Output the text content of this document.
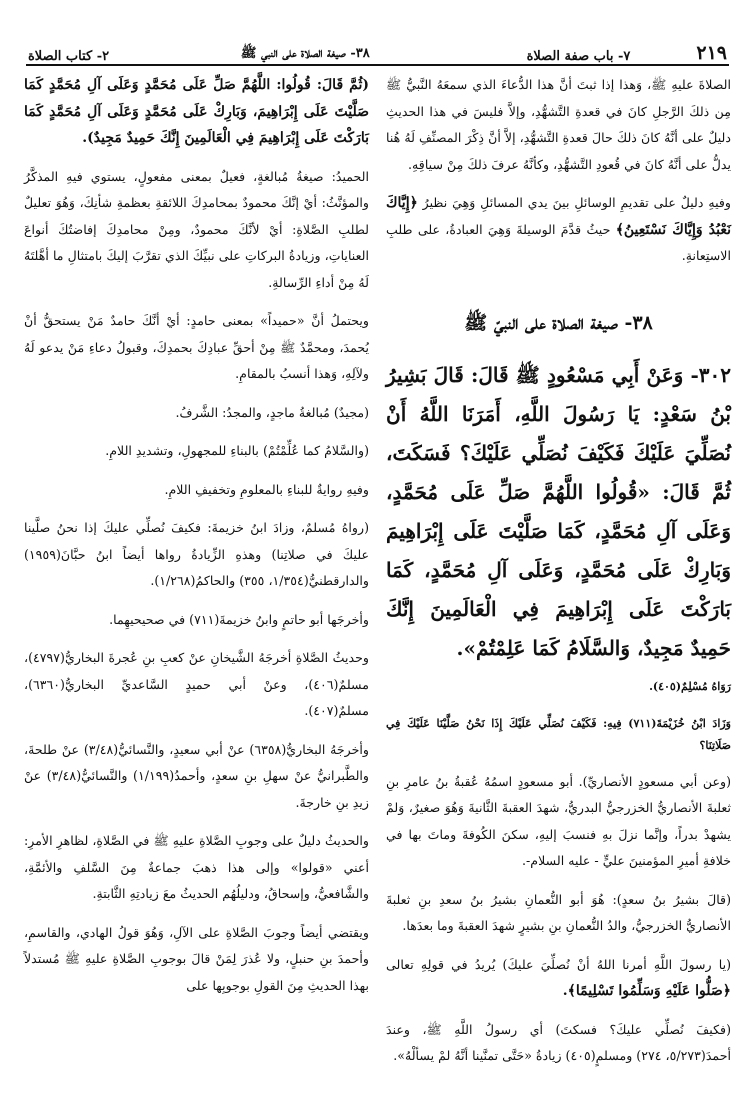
٢١٩
٧- باب صفة الصلاة
٣٨- صيغة الصلاة على النبي ﷺ
٢- كتاب الصلاة

الصلاةَ عليهِ ﷺ، وَهذا إذا ثبتَ أنَّ هذا الدُّعاءَ الذي سمعَهُ النَّبيُّ ﷺ مِن ذلكَ الرَّجلِ كانَ في قعدةِ التَّشهُّدِ، وإلاَّ فليسَ في هذا الحديثِ دليلٌ على أنَّهُ كانَ ذلكَ حالَ قعدةِ التَّشهُّدِ، إلاَّ أنَّ ذِكْرَ المصنِّفِ لَهُ هُنا يدلُّ على أنَّهُ كانَ في قُعودِ التَّشهُّدِ، وكأنَّهُ عرفَ ذلكَ مِنْ سياقِهِ.

وفيهِ دليلٌ على تقديمِ الوسائلِ بينَ يدي المسائلِ وَهِيَ نظيرُ ﴿إِيَّاكَ نَعْبُدُ وَإِيَّاكَ نَسْتَعِينُ﴾ حيثُ قدَّمَ الوسيلةَ وَهِيَ العبادةُ، على طلبِ الاستِعانةِ.

٣٨- صيغة الصلاة على النبيّ ﷺ
٣٠٢- وَعَنْ أَبِي مَسْعُودٍ ﷺ قَالَ: قَالَ بَشِيرُ بْنُ سَعْدٍ: يَا رَسُولَ اللَّهِ، أَمَرَنَا اللَّهُ أَنْ نُصَلِّيَ عَلَيْكَ فَكَيْفَ نُصَلِّي عَلَيْكَ؟ فَسَكَتَ، ثُمَّ قَالَ: «قُولُوا اللَّهُمَّ صَلِّ عَلَى مُحَمَّدٍ، وَعَلَى آلِ مُحَمَّدٍ، كَمَا صَلَّيْتَ عَلَى إِبْرَاهِيمَ وَبَارِكْ عَلَى مُحَمَّدٍ، وَعَلَى آلِ مُحَمَّدٍ، كَمَا بَارَكْتَ عَلَى إِبْرَاهِيمَ فِي الْعَالَمِينَ إِنَّكَ حَمِيدٌ مَجِيدٌ، وَالسَّلَامُ كَمَا عَلِمْتُمْ».

رَوَاهُ مُسْلِمٌ(٤٠٥).

وَزَادَ ابْنُ خُزَيْمَةَ(٧١١) فِيهِ: فَكَيْفَ نُصَلِّي عَلَيْكَ إِذَا نَحْنُ صَلَّيْنَا عَلَيْكَ فِي صَلَاتِنَا؟

(وعن أبي مسعودٍ الأنصاريِّ). أبو مسعودٍ اسمُهُ عُقبةُ بنُ عامرِ بنِ ثعلبةَ الأنصاريُّ الخزرجيُّ البدريُّ، شهدَ العقبةَ الثَّانيةَ وَهُوَ صغيرٌ، وَلمْ يشهدْ بدراً، وإنَّما نزلَ بهِ فنسبَ إليهِ، سكنَ الكُوفةَ وماتَ بها في خلافةِ أميرِ المؤمنينَ عليٍّ - عليه السلام-.

(قالَ بشيرُ بنُ سعدٍ): هُوَ أبو النُّعمانِ بشيرُ بنُ سعدِ بنِ ثعلبةَ الأنصاريُّ الخزرجيُّ، والدُ النُّعمانِ بنِ بشيرٍ شهدَ العقبةَ وما بعدَها.

(يا رسولَ اللَّهِ أمرنا اللهُ أنْ نُصلِّيَ عليكَ) يُريدُ في قولِهِ تعالى ﴿صَلُّوا عَلَيْهِ وَسَلِّمُوا تَسْلِيمًا﴾.

(فكيفَ نُصلِّي عليكَ؟ فسكتَ) أي رسولُ اللَّهِ ﷺ، وعندَ أحمدَ(٥/٢٧٣، ٢٧٤) ومسلمٍ(٤٠٥) زيادةُ «حَتَّى تمنَّينا أنَّهُ لمْ يسألْهُ».

(ثُمَّ قَالَ: قُولُوا: اللَّهُمَّ صَلِّ عَلَى مُحَمَّدٍ وَعَلَى آلِ مُحَمَّدٍ كَمَا صَلَّيْتَ عَلَى إِبْرَاهِيمَ، وَبَارِكْ عَلَى مُحَمَّدٍ وَعَلَى آلِ مُحَمَّدٍ كَمَا بَارَكْتَ عَلَى إِبْرَاهِيمَ فِي الْعَالَمِينَ إِنَّكَ حَمِيدٌ مَجِيدٌ).

الحميدُ: صيغةُ مُبالغةٍ، فعيلٌ بمعنى مفعولٍ، يستوي فيهِ المذكَّرُ والمؤنَّثُ: أيْ إنَّكَ محمودٌ بمحامدِكَ اللائقةِ بعظمةِ شأنِكَ، وَهُوَ تعليلٌ لطلبِ الصَّلاةِ: أيْ لأنَّكَ محمودٌ، ومِنْ محامدِكَ إفاضتُكَ أنواعَ العناياتِ، وزيادةُ البركاتِ على نبيِّكَ الذي تقرَّبَ إليكَ بامتثالِ ما أهَّلتَهُ لَهُ مِنْ أداءِ الرِّسالةِ.

ويحتملُ أنَّ «حميداً» بمعنى حامدٍ: أيْ أنَّكَ حامدٌ مَنْ يستحقُّ أنْ يُحمدَ، ومحمَّدٌ ﷺ مِنْ أحقِّ عبادِكَ بحمدِكَ، وقبولُ دعاءِ مَنْ يدعو لَهُ ولآلِهِ، وَهذا أنسبُ بالمقامِ.

(مجيدٌ) مُبالغةُ ماجدٍ، والمجدُ: الشَّرفُ.

(والسَّلامُ كما عُلِّمْتُمْ) بالبناءِ للمجهولِ، وتشديدِ اللامِ.

وفيهِ روايةٌ للبناءِ بالمعلومِ وتخفيفِ اللامِ.

(رواهُ مُسلمٌ، وزادَ ابنُ خزيمةَ: فكيفَ نُصلِّي عليكَ إذا نحنُ صلَّينا عليكَ في صلاتِنا) وهذهِ الزِّيادةُ رواها أيضاً ابنُ حبَّانَ(١٩٥٩) والدارقطنيُّ(١/٣٥٤، ٣٥٥) والحاكمُ(١/٢٦٨).

وأخرجَها أبو حاتمٍ وابنُ خزيمةَ(٧١١) في صحيحيهِما.

وحديثُ الصَّلاةِ أخرجَهُ الشَّيخانِ عنْ كعبِ بنِ عُجرةَ البخاريُّ(٤٧٩٧)، مسلمٌ(٤٠٦)، وعنْ أبي حميدٍ السَّاعديِّ البخاريُّ(٦٣٦٠)، مسلمٌ(٤٠٧).

وأخرجَهُ البخاريُّ(٦٣٥٨) عنْ أبي سعيدٍ، والنَّسائيُّ(٣/٤٨) عنْ طلحةَ، والطَّبرانيُّ عنْ سهلِ بنِ سعدٍ، وأحمدُ(١/١٩٩) والنَّسائيُّ(٣/٤٨) عنْ زيدِ بنِ خارجةَ.

والحديثُ دليلٌ على وجوبِ الصَّلاةِ عليهِ ﷺ في الصَّلاةِ، لظاهرِ الأمرِ: أعني «قولوا» وإلى هذا ذهبَ جماعةٌ مِنَ السَّلفِ والأئمَّةِ، والشَّافعيُّ، وإسحاقُ، ودليلُهُم الحديثُ معَ زيادتِهِ الثَّابتةِ.

ويقتضي أيضاً وجوبَ الصَّلاةِ على الآلِ، وَهُوَ قولُ الهادي، والقاسمِ، وأحمدَ بنِ حنبلٍ، ولا عُذرَ لِمَنْ قالَ بوجوبِ الصَّلاةِ عليهِ ﷺ مُستدلاً بهذا الحديثِ مِنَ القولِ بوجوبِها على
